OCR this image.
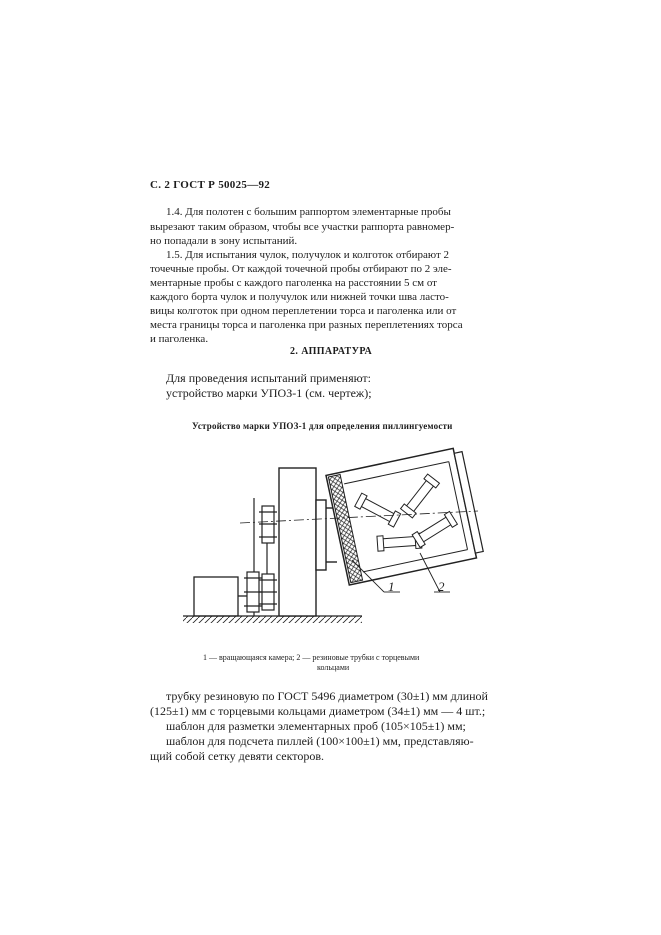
С. 2 ГОСТ Р 50025—92
1.4. Для полотен с большим раппортом элементарные пробы
вырезают таким образом, чтобы все участки раппорта равномер-
но попадали в зону испытаний.
1.5. Для испытания чулок, получулок и колготок отбирают 2
точечные пробы. От каждой точечной пробы отбирают по 2 эле-
ментарные пробы с каждого паголенка на расстоянии 5 см от
каждого борта чулок и получулок или нижней точки шва ласто-
вицы колготок при одном переплетении торса и паголенка или от
места границы торса и паголенка при разных переплетениях торса
и паголенка.
2. АППАРАТУРА
Для проведения испытаний применяют:
устройство марки УПОЗ-1 (см. чертеж);
Устройство марки УПОЗ-1 для определения пиллингуемости
1	2
1 — вращающаяся камера; 2 — резиновые трубки с торцевыми
кольцами
трубку резиновую по ГОСТ 5496 диаметром (30±1) мм длиной
(125±1) мм с торцевыми кольцами диаметром (34±1) мм — 4 шт.;
шаблон для разметки элементарных проб (105×105±1) мм;
шаблон для подсчета пиллей (100×100±1) мм, представляю-
щий собой сетку девяти секторов.
